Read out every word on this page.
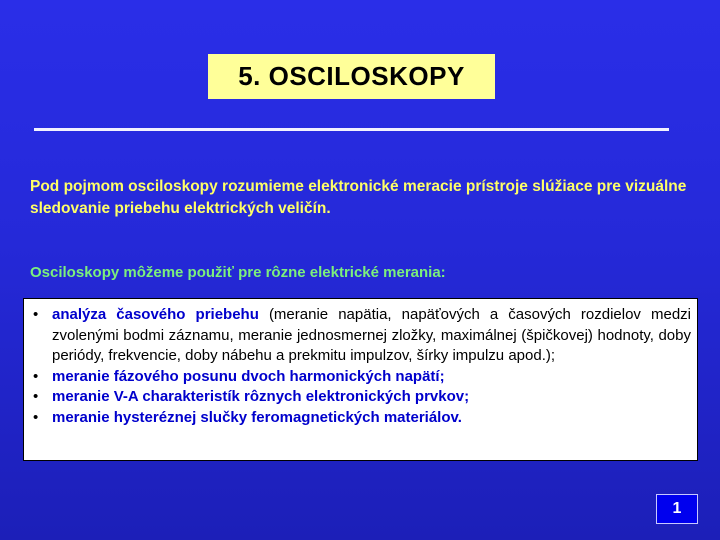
5. OSCILOSKOPY
Pod pojmom osciloskopy rozumieme elektronické meracie prístroje slúžiace pre vizuálne sledovanie priebehu elektrických veličín.
Osciloskopy môžeme použiť pre rôzne elektrické merania:
• analýza časového priebehu (meranie napätia, napäťových a časových rozdielov medzi zvolenými bodmi záznamu, meranie jednosmernej zložky, maximálnej (špičkovej) hodnoty, doby periódy, frekvencie, doby nábehu a prekmitu impulzov, šírky impulzu apod.);
• meranie fázového posunu dvoch harmonických napätí;
• meranie V-A charakteristík rôznych elektronických prvkov;
• meranie hysteréznej slučky feromagnetických materiálov.
1
